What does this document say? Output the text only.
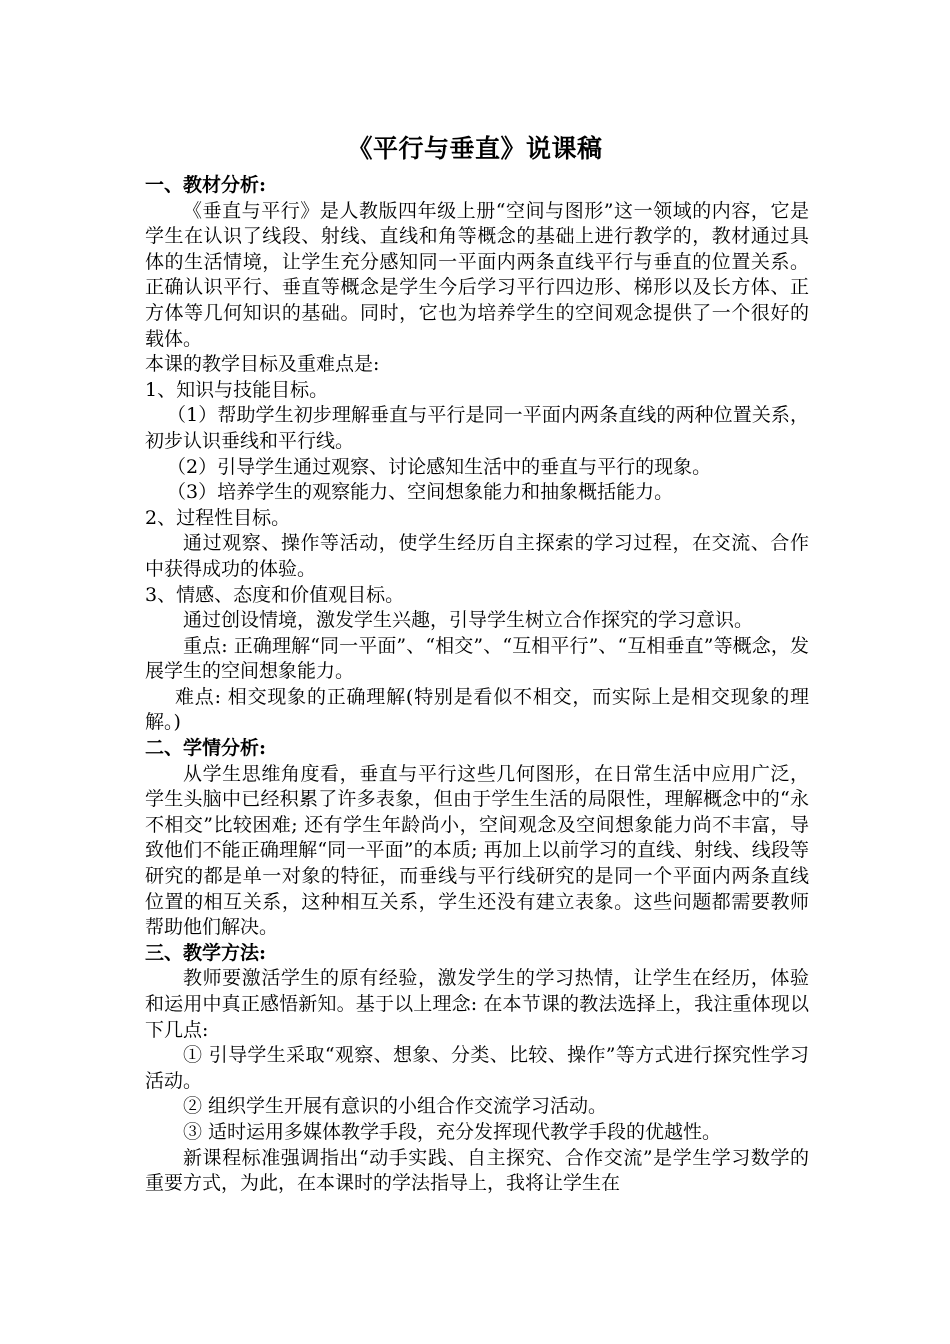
《平行与垂直》说课稿

一、教材分析:

《垂直与平行》是人教版四年级上册“空间与图形”这一领域的内容，它是学生在认识了线段、射线、直线和角等概念的基础上进行教学的，教材通过具体的生活情境，让学生充分感知同一平面内两条直线平行与垂直的位置关系。正确认识平行、垂直等概念是学生今后学习平行四边形、梯形以及长方体、正方体等几何知识的基础。同时，它也为培养学生的空间观念提供了一个很好的载体。

本课的教学目标及重难点是:

1、知识与技能目标。

（1）帮助学生初步理解垂直与平行是同一平面内两条直线的两种位置关系，初步认识垂线和平行线。

（2）引导学生通过观察、讨论感知生活中的垂直与平行的现象。

（3）培养学生的观察能力、空间想象能力和抽象概括能力。

2、过程性目标。

通过观察、操作等活动，使学生经历自主探索的学习过程，在交流、合作中获得成功的体验。

3、情感、态度和价值观目标。

通过创设情境，激发学生兴趣，引导学生树立合作探究的学习意识。

重点: 正确理解“同一平面”、“相交”、“互相平行”、“互相垂直”等概念，发展学生的空间想象能力。

难点: 相交现象的正确理解(特别是看似不相交，而实际上是相交现象的理解。)

二、学情分析:

从学生思维角度看，垂直与平行这些几何图形，在日常生活中应用广泛，学生头脑中已经积累了许多表象，但由于学生生活的局限性，理解概念中的“永不相交”比较困难; 还有学生年龄尚小，空间观念及空间想象能力尚不丰富，导致他们不能正确理解“同一平面”的本质; 再加上以前学习的直线、射线、线段等研究的都是单一对象的特征，而垂线与平行线研究的是同一个平面内两条直线位置的相互关系，这种相互关系，学生还没有建立表象。这些问题都需要教师帮助他们解决。

三、教学方法:

教师要激活学生的原有经验，激发学生的学习热情，让学生在经历，体验和运用中真正感悟新知。基于以上理念: 在本节课的教法选择上，我注重体现以下几点:

① 引导学生采取“观察、想象、分类、比较、操作”等方式进行探究性学习活动。

② 组织学生开展有意识的小组合作交流学习活动。

③ 适时运用多媒体教学手段，充分发挥现代教学手段的优越性。

新课程标准强调指出“动手实践、自主探究、合作交流”是学生学习数学的重要方式，为此，在本课时的学法指导上，我将让学生在
